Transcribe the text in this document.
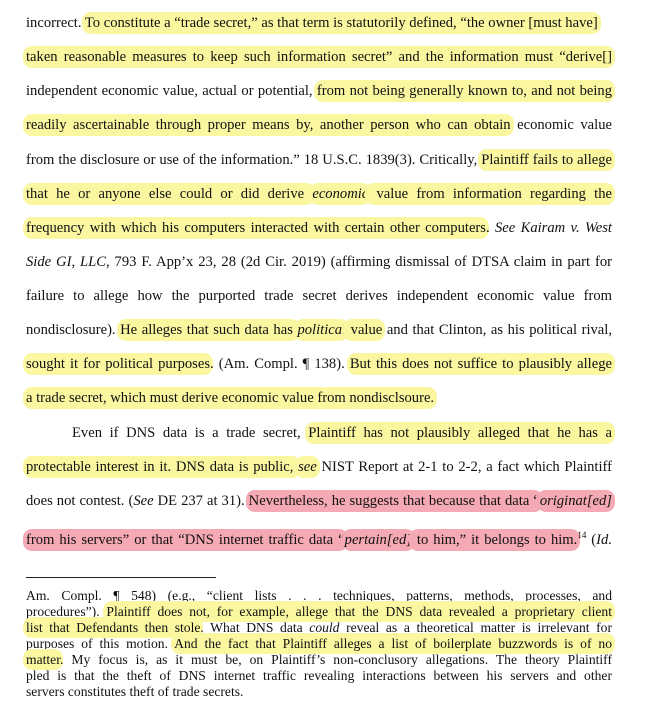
incorrect. To constitute a “trade secret,” as that term is statutorily defined, “the owner [must have]
taken reasonable measures to keep such information secret” and the information must “derive[]
independent economic value, actual or potential, from not being generally known to, and not being
readily ascertainable through proper means by, another person who can obtain economic value
from the disclosure or use of the information.” 18 U.S.C. 1839(3). Critically, Plaintiff fails to allege
that he or anyone else could or did derive economic value from information regarding the
frequency with which his computers interacted with certain other computers. See Kairam v. West
Side GI, LLC, 793 F. App’x 23, 28 (2d Cir. 2019) (affirming dismissal of DTSA claim in part for
failure to allege how the purported trade secret derives independent economic value from
nondisclosure). He alleges that such data has political value and that Clinton, as his political rival,
sought it for political purposes. (Am. Compl. ¶ 138). But this does not suffice to plausibly allege
a trade secret, which must derive economic value from nondisclsoure.
Even if DNS data is a trade secret, Plaintiff has not plausibly alleged that he has a
protectable interest in it. DNS data is public, see NIST Report at 2-1 to 2-2, a fact which Plaintiff
does not contest. (See DE 237 at 31). Nevertheless, he suggests that because that data “originat[ed]
from his servers” or that “DNS internet traffic data “pertain[ed] to him,” it belongs to him.$^{14}$ (Id.
Am. Compl. ¶ 548) (e.g., “client lists . . . techniques, patterns, methods, processes, and
procedures”). Plaintiff does not, for example, allege that the DNS data revealed a proprietary client
list that Defendants then stole. What DNS data could reveal as a theoretical matter is irrelevant for
purposes of this motion. And the fact that Plaintiff alleges a list of boilerplate buzzwords is of no
matter. My focus is, as it must be, on Plaintiff’s non-conclusory allegations. The theory Plaintiff
pled is that the theft of DNS internet traffic revealing interactions between his servers and other
servers constitutes theft of trade secrets.
